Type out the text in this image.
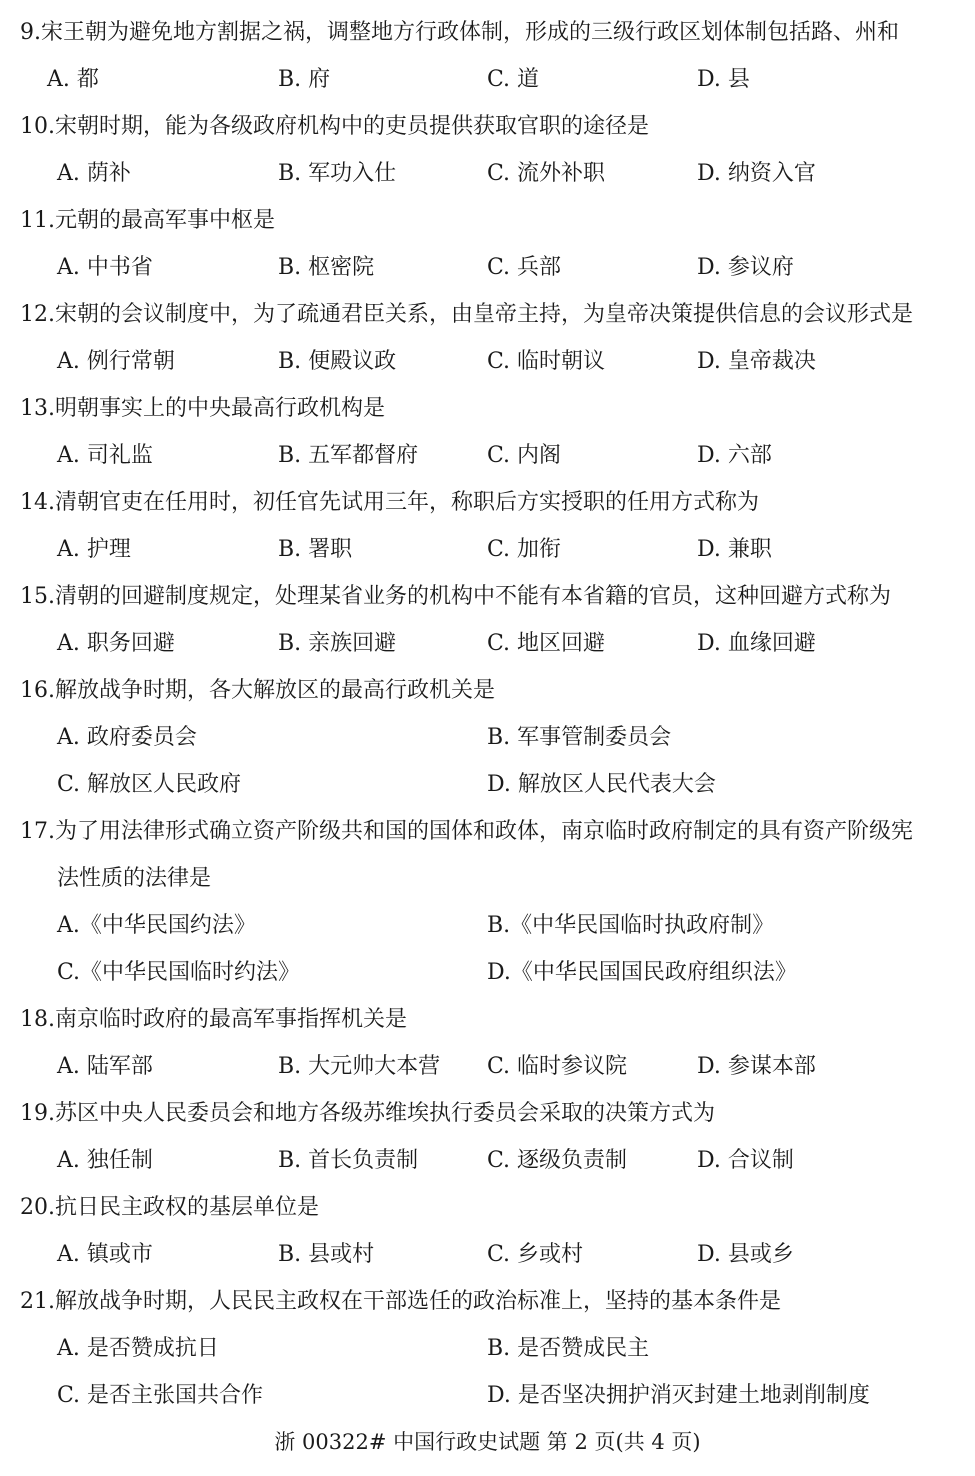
9.宋王朝为避免地方割据之祸，调整地方行政体制，形成的三级行政区划体制包括路、州和
A. 都	B. 府	C. 道	D. 县
10.宋朝时期，能为各级政府机构中的吏员提供获取官职的途径是
A. 荫补	B. 军功入仕	C. 流外补职	D. 纳资入官
11.元朝的最高军事中枢是
A. 中书省	B. 枢密院	C. 兵部	D. 参议府
12.宋朝的会议制度中，为了疏通君臣关系，由皇帝主持，为皇帝决策提供信息的会议形式是
A. 例行常朝	B. 便殿议政	C. 临时朝议	D. 皇帝裁决
13.明朝事实上的中央最高行政机构是
A. 司礼监	B. 五军都督府	C. 内阁	D. 六部
14.清朝官吏在任用时，初任官先试用三年，称职后方实授职的任用方式称为
A. 护理	B. 署职	C. 加衔	D. 兼职
15.清朝的回避制度规定，处理某省业务的机构中不能有本省籍的官员，这种回避方式称为
A. 职务回避	B. 亲族回避	C. 地区回避	D. 血缘回避
16.解放战争时期，各大解放区的最高行政机关是
A. 政府委员会	B. 军事管制委员会
C. 解放区人民政府	D. 解放区人民代表大会
17.为了用法律形式确立资产阶级共和国的国体和政体，南京临时政府制定的具有资产阶级宪
法性质的法律是
A.《中华民国约法》	B.《中华民国临时执政府制》
C.《中华民国临时约法》	D.《中华民国国民政府组织法》
18.南京临时政府的最高军事指挥机关是
A. 陆军部	B. 大元帅大本营 C. 临时参议院	D. 参谋本部
19.苏区中央人民委员会和地方各级苏维埃执行委员会采取的决策方式为
A. 独任制	B. 首长负责制	C. 逐级负责制	D. 合议制
20.抗日民主政权的基层单位是
A. 镇或市	B. 县或村	C. 乡或村	D. 县或乡
21.解放战争时期，人民民主政权在干部选任的政治标准上，坚持的基本条件是
A. 是否赞成抗日	B. 是否赞成民主
C. 是否主张国共合作	D. 是否坚决拥护消灭封建土地剥削制度
浙 00322# 中国行政史试题 第 2 页(共 4 页)
